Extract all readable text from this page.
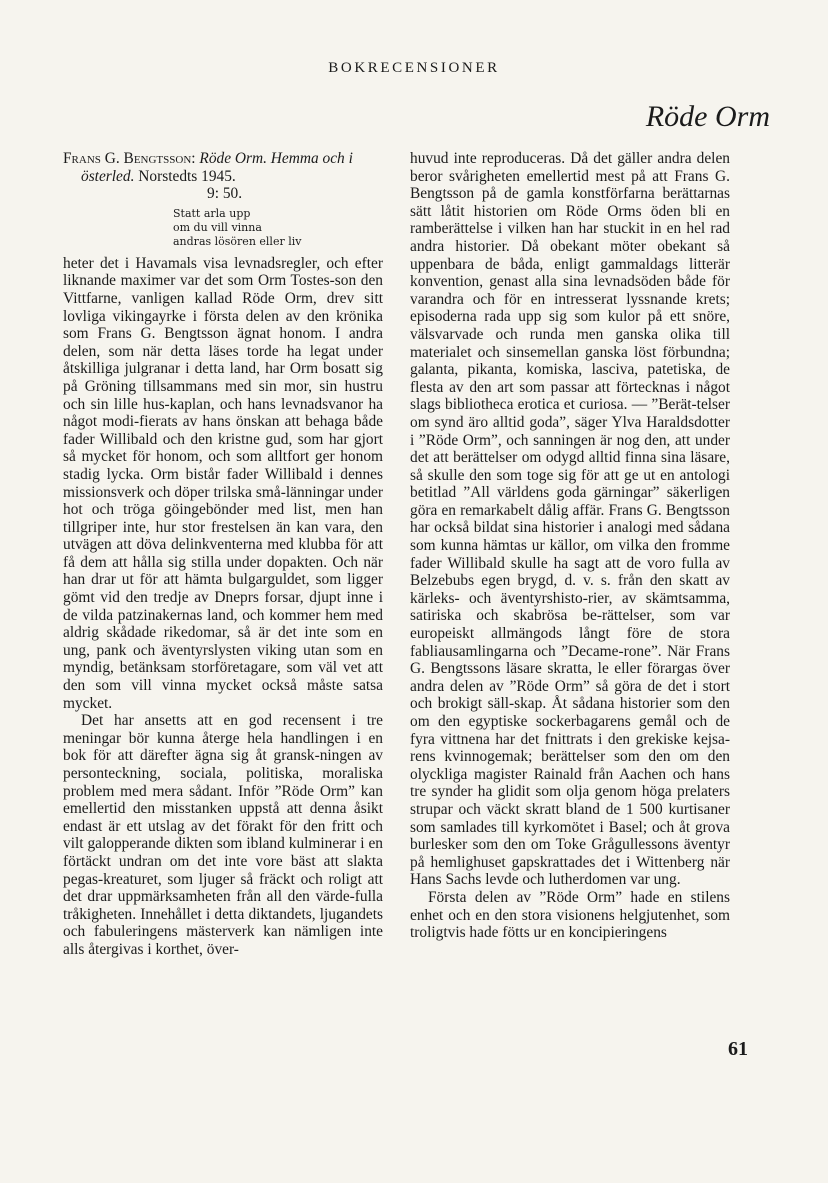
BOKRECENSIONER
Röde Orm

Frans G. Bengtsson: Röde Orm. Hemma och i österled. Norstedts 1945.

9: 50.

Statt arla upp
om du vill vinna
andras lösören eller liv

heter det i Havamals visa levnadsregler, och efter liknande maximer var det som Orm Tostes-son den Vittfarne, vanligen kallad Röde Orm, drev sitt lovliga vikingayrke i första delen av den krönika som Frans G. Bengtsson ägnat honom. I andra delen, som när detta läses torde ha legat under åtskilliga julgranar i detta land, har Orm bosatt sig på Gröning tillsammans med sin mor, sin hustru och sin lille hus-kaplan, och hans levnadsvanor ha något modi-fierats av hans önskan att behaga både fader Willibald och den kristne gud, som har gjort så mycket för honom, och som alltfort ger honom stadig lycka. Orm bistår fader Willibald i dennes missionsverk och döper trilska små-länningar under hot och tröga göingebönder med list, men han tillgriper inte, hur stor frestelsen än kan vara, den utvägen att döva delinkventerna med klubba för att få dem att hålla sig stilla under dopakten. Och när han drar ut för att hämta bulgarguldet, som ligger gömt vid den tredje av Dneprs forsar, djupt inne i de vilda patzinakernas land, och kommer hem med aldrig skådade rikedomar, så är det inte som en ung, pank och äventyrslysten viking utan som en myndig, betänksam storföretagare, som väl vet att den som vill vinna mycket också måste satsa mycket.

Det har ansetts att en god recensent i tre meningar bör kunna återge hela handlingen i en bok för att därefter ägna sig åt gransk-ningen av personteckning, sociala, politiska, moraliska problem med mera sådant. Inför ”Röde Orm” kan emellertid den misstanken uppstå att denna åsikt endast är ett utslag av det förakt för den fritt och vilt galopperande dikten som ibland kulminerar i en förtäckt undran om det inte vore bäst att slakta pegas-kreaturet, som ljuger så fräckt och roligt att det drar uppmärksamheten från all den värde-fulla tråkigheten. Innehållet i detta diktandets, ljugandets och fabuleringens mästerverk kan nämligen inte alls återgivas i korthet, över-

huvud inte reproduceras. Då det gäller andra delen beror svårigheten emellertid mest på att Frans G. Bengtsson på de gamla konstförfarna berättarnas sätt låtit historien om Röde Orms öden bli en ramberättelse i vilken han har stuckit in en hel rad andra historier. Då obekant möter obekant så uppenbara de båda, enligt gammaldags litterär konvention, genast alla sina levnadsöden både för varandra och för en intresserat lyssnande krets; episoderna rada upp sig som kulor på ett snöre, välsvarvade och runda men ganska olika till materialet och sinsemellan ganska löst förbundna; galanta, pikanta, komiska, lasciva, patetiska, de flesta av den art som passar att förtecknas i något slags bibliotheca erotica et curiosa. — ”Berät-telser om synd äro alltid goda”, säger Ylva Haraldsdotter i ”Röde Orm”, och sanningen är nog den, att under det att berättelser om odygd alltid finna sina läsare, så skulle den som toge sig för att ge ut en antologi betitlad ”All världens goda gärningar” säkerligen göra en remarkabelt dålig affär. Frans G. Bengtsson har också bildat sina historier i analogi med sådana som kunna hämtas ur källor, om vilka den fromme fader Willibald skulle ha sagt att de voro fulla av Belzebubs egen brygd, d. v. s. från den skatt av kärleks- och äventyrshisto-rier, av skämtsamma, satiriska och skabrösa be-rättelser, som var europeiskt allmängods långt före de stora fabliausamlingarna och ”Decame-rone”. När Frans G. Bengtssons läsare skratta, le eller förargas över andra delen av ”Röde Orm” så göra de det i stort och brokigt säll-skap. Åt sådana historier som den om den egyptiske sockerbagarens gemål och de fyra vittnena har det fnittrats i den grekiske kejsa-rens kvinnogemak; berättelser som den om den olyckliga magister Rainald från Aachen och hans tre synder ha glidit som olja genom höga prelaters strupar och väckt skratt bland de 1 500 kurtisaner som samlades till kyrkomötet i Basel; och åt grova burlesker som den om Toke Grågullessons äventyr på hemlighuset gapskrattades det i Wittenberg när Hans Sachs levde och lutherdomen var ung.

Första delen av ”Röde Orm” hade en stilens enhet och en den stora visionens helgjutenhet, som troligtvis hade fötts ur en koncipieringens

61
